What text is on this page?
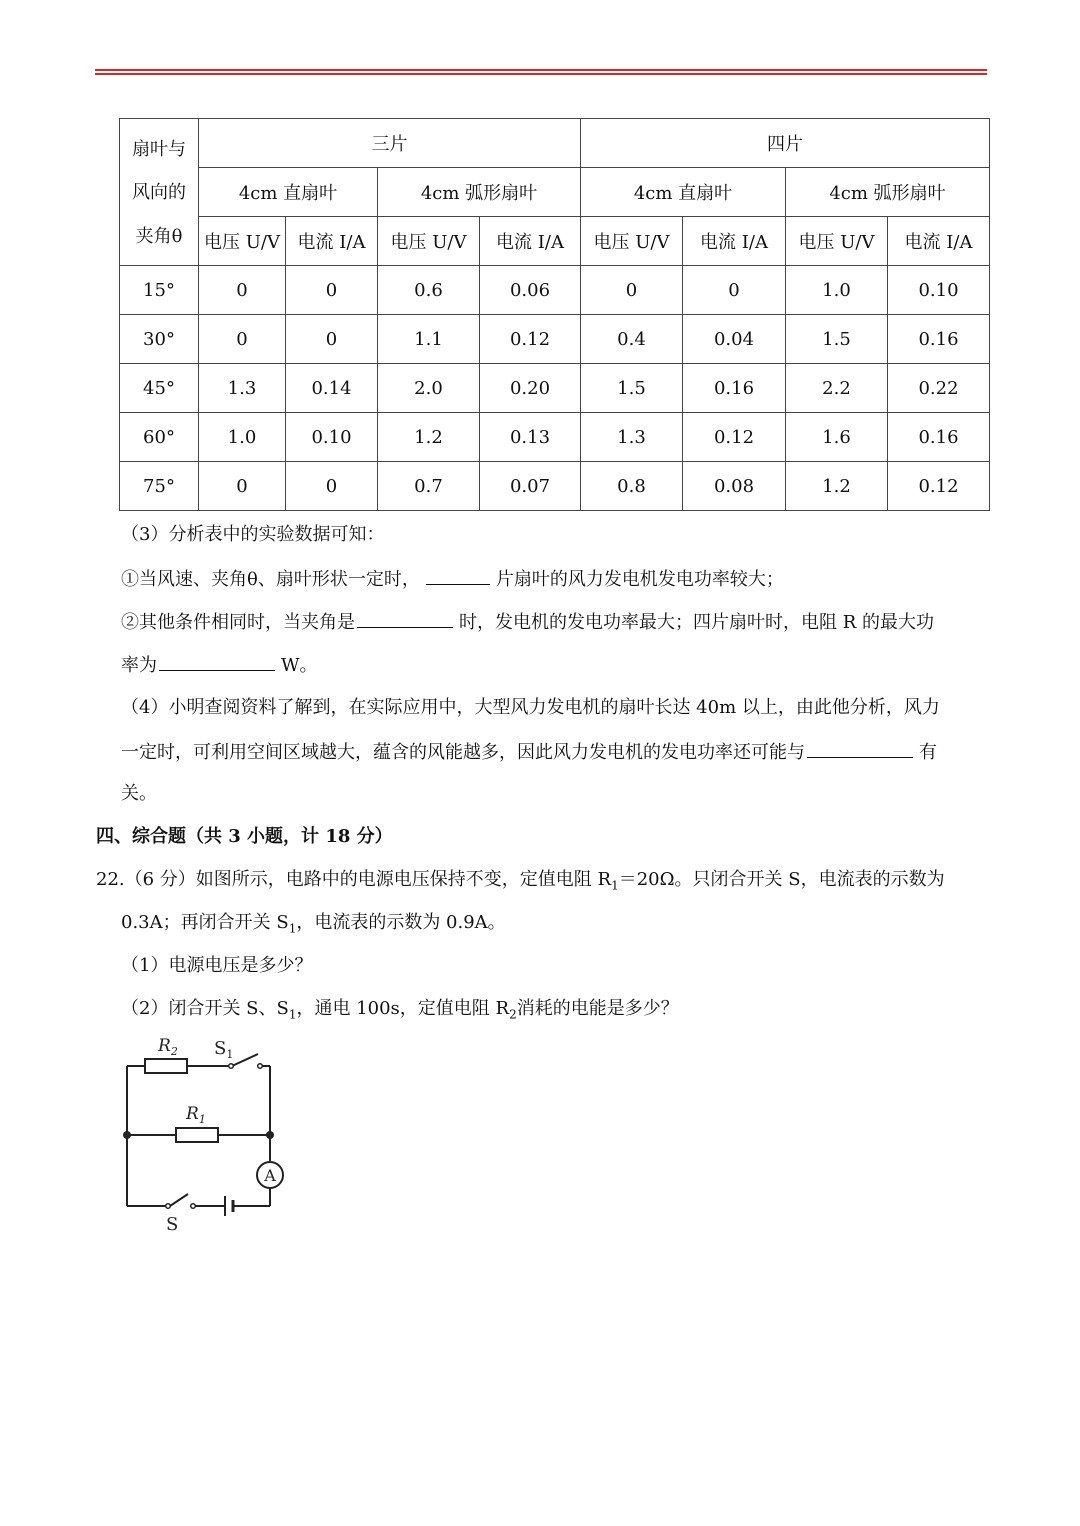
扇叶与
风向的
夹角θ	三片				四片			
	4cm 直扇叶		4cm 弧形扇叶		4cm 直扇叶		4cm 弧形扇叶	
	电压 U/V	电流 I/A	电压 U/V	电流 I/A	电压 U/V	电流 I/A	电压 U/V	电流 I/A
15°	0	0	0.6	0.06	0	0	1.0	0.10
30°	0	0	1.1	0.12	0.4	0.04	1.5	0.16
45°	1.3	0.14	2.0	0.20	1.5	0.16	2.2	0.22
60°	1.0	0.10	1.2	0.13	1.3	0.12	1.6	0.16
75°	0	0	0.7	0.07	0.8	0.08	1.2	0.12
（3）分析表中的实验数据可知：
①当风速、夹角θ、扇叶形状一定时，	片扇叶的风力发电机发电功率较大；
②其他条件相同时，当夹角是	时，发电机的发电功率最大；四片扇叶时，电阻 R 的最大功
率为	W。
（4）小明查阅资料了解到，在实际应用中，大型风力发电机的扇叶长达 40m 以上，由此他分析，风力
一定时，可利用空间区域越大，蕴含的风能越多，因此风力发电机的发电功率还可能与	有
关。
四、综合题（共 3 小题，计 18 分）
22.（6 分）如图所示，电路中的电源电压保持不变，定值电阻 $R_1=20\Omega$。只闭合开关 S，电流表的示数为
0.3A；再闭合开关 $S_1$，电流表的示数为 0.9A。
（1）电源电压是多少？
（2）闭合开关 S、$S_1$，通电 100s，定值电阻 $R_2$消耗的电能是多少？
$R_2$ $S_1$
$R_1$
A
S
